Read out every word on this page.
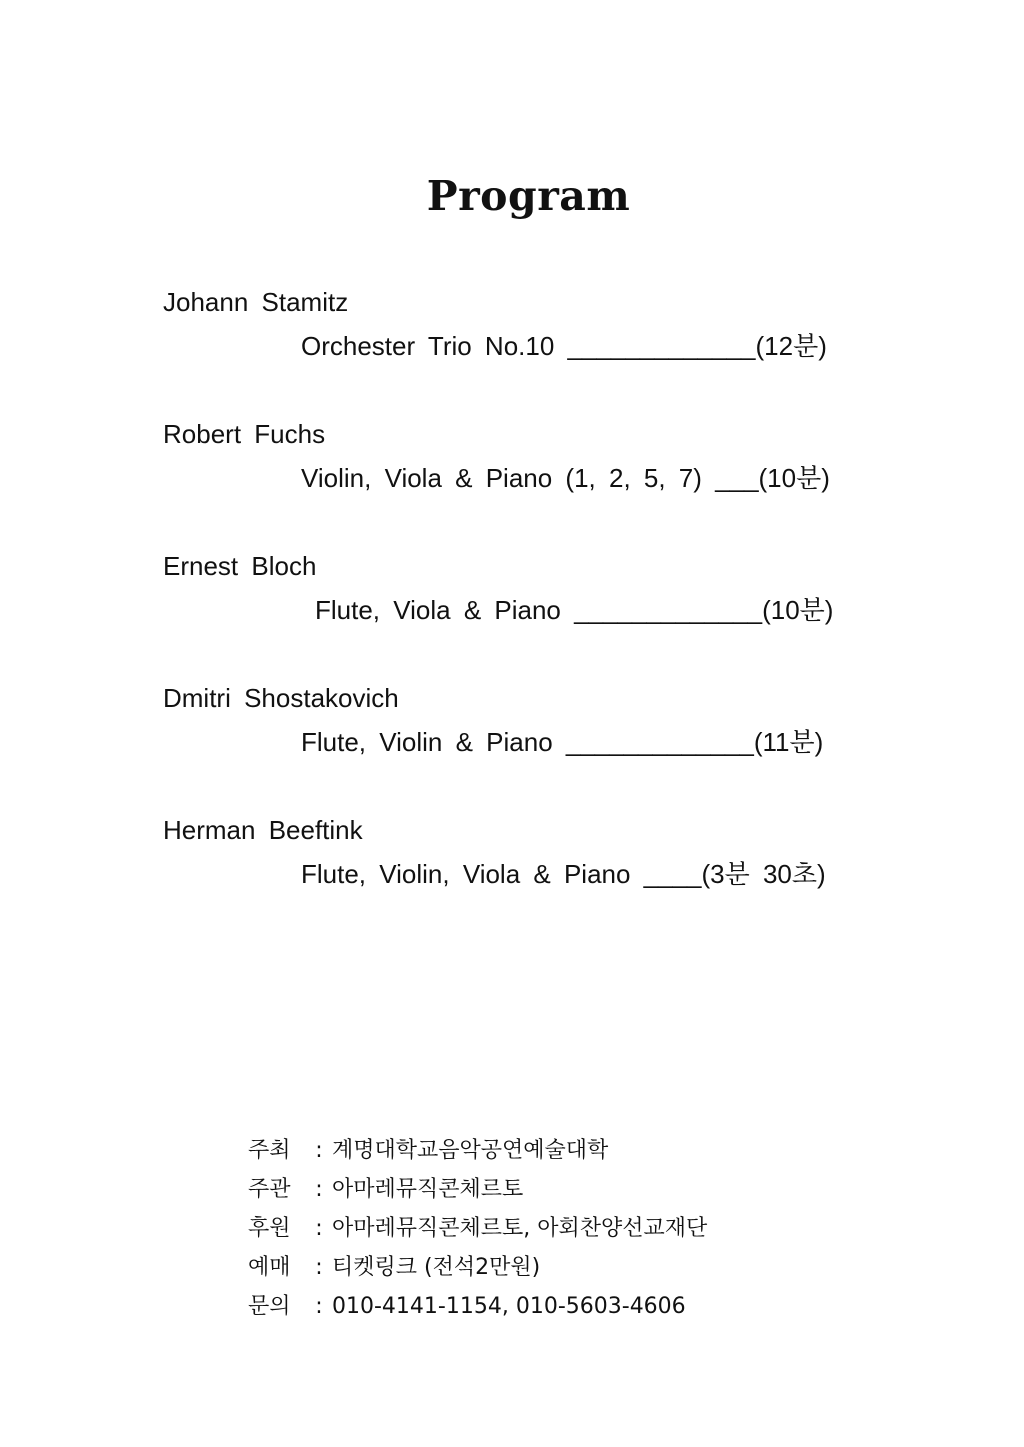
Program
Johann Stamitz
Orchester Trio No.10 _____________(12분)
Robert Fuchs
Violin, Viola & Piano (1, 2, 5, 7) ___(10분)
Ernest Bloch
Flute, Viola & Piano _____________(10분)
Dmitri Shostakovich
Flute, Violin & Piano _____________(11분)
Herman Beeftink
Flute, Violin, Viola & Piano ____(3분 30초)
주최 : 계명대학교음악공연예술대학
주관 : 아마레뮤직콘체르토
후원 : 아마레뮤직콘체르토, 아회찬양선교재단
예매 : 티켓링크 (전석2만원)
문의 : 010-4141-1154, 010-5603-4606
